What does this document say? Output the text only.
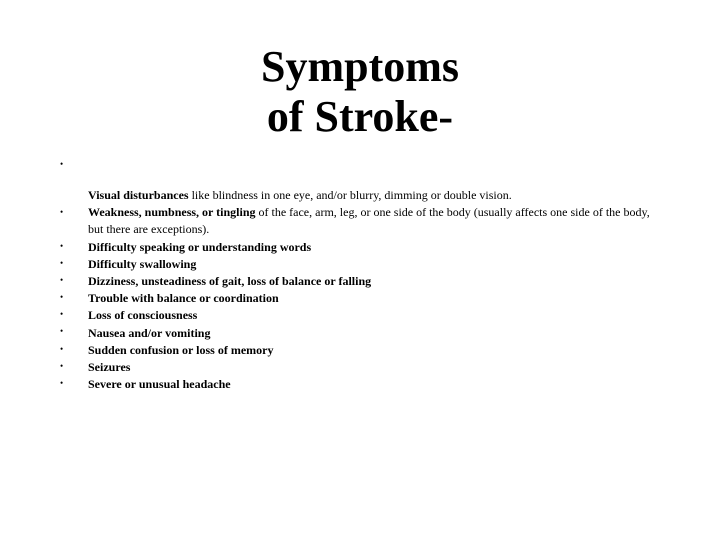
Symptoms
of Stroke-
•
•
•
•
•
•
•
•
•
•
•

Visual disturbances like blindness in one eye, and/or blurry, dimming or double vision.

Weakness, numbness, or tingling of the face, arm, leg, or one side of the body (usually affects one side of the body, but there are exceptions).

Difficulty speaking or understanding words

Difficulty swallowing

Dizziness, unsteadiness of gait, loss of balance or falling

Trouble with balance or coordination

Loss of consciousness

Nausea and/or vomiting

Sudden confusion or loss of memory

Seizures

Severe or unusual headache
